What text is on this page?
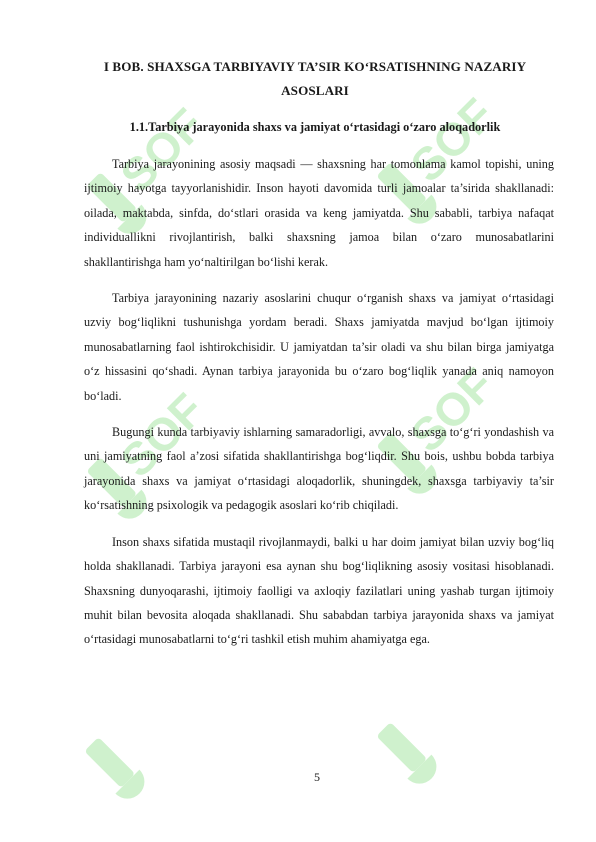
SOF	SOF
SOF	SOF
I BOB. SHAXSGA TARBIYAVIY TA’SIR KO‘RSATISHNING NAZARIY ASOSLARI
1.1.Tarbiya jarayonida shaxs va jamiyat o‘rtasidagi o‘zaro aloqadorlik

Tarbiya jarayonining asosiy maqsadi — shaxsning har tomonlama kamol topishi, uning ijtimoiy hayotga tayyorlanishidir. Inson hayoti davomida turli jamoalar ta’sirida shakllanadi: oilada, maktabda, sinfda, do‘stlari orasida va keng jamiyatda. Shu sababli, tarbiya nafaqat individuallikni rivojlantirish, balki shaxsning jamoa bilan o‘zaro munosabatlarini shakllantirishga ham yo‘naltirilgan bo‘lishi kerak.

Tarbiya jarayonining nazariy asoslarini chuqur o‘rganish shaxs va jamiyat o‘rtasidagi uzviy bog‘liqlikni tushunishga yordam beradi. Shaxs jamiyatda mavjud bo‘lgan ijtimoiy munosabatlarning faol ishtirokchisidir. U jamiyatdan ta’sir oladi va shu bilan birga jamiyatga o‘z hissasini qo‘shadi. Aynan tarbiya jarayonida bu o‘zaro bog‘liqlik yanada aniq namoyon bo‘ladi.

Bugungi kunda tarbiyaviy ishlarning samaradorligi, avvalo, shaxsga to‘g‘ri yondashish va uni jamiyatning faol a’zosi sifatida shakllantirishga bog‘liqdir. Shu bois, ushbu bobda tarbiya jarayonida shaxs va jamiyat o‘rtasidagi aloqadorlik, shuningdek, shaxsga tarbiyaviy ta’sir ko‘rsatishning psixologik va pedagogik asoslari ko‘rib chiqiladi.

Inson shaxs sifatida mustaqil rivojlanmaydi, balki u har doim jamiyat bilan uzviy bog‘liq holda shakllanadi. Tarbiya jarayoni esa aynan shu bog‘liqlikning asosiy vositasi hisoblanadi. Shaxsning dunyoqarashi, ijtimoiy faolligi va axloqiy fazilatlari uning yashab turgan ijtimoiy muhit bilan bevosita aloqada shakllanadi. Shu sababdan tarbiya jarayonida shaxs va jamiyat o‘rtasidagi munosabatlarni to‘g‘ri tashkil etish muhim ahamiyatga ega.

5
